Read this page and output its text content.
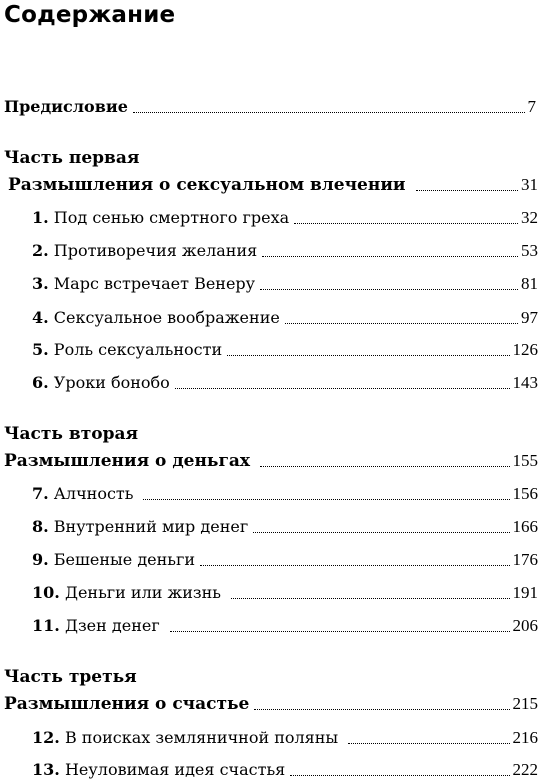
Содержание
Предисловие	7
Часть первая
Размышления о сексуальном влечении	31
1. Под сенью смертного греха	32
2. Противоречия желания	53
3. Марс встречает Венеру	81
4. Сексуальное воображение	97
5. Роль сексуальности	126
6. Уроки бонобо	143
Часть вторая
Размышления о деньгах	155
7. Алчность	156
8. Внутренний мир денег	166
9. Бешеные деньги	176
10. Деньги или жизнь	191
11. Дзен денег	206
Часть третья
Размышления о счастье	215
12. В поисках земляничной поляны	216
13. Неуловимая идея счастья	222
